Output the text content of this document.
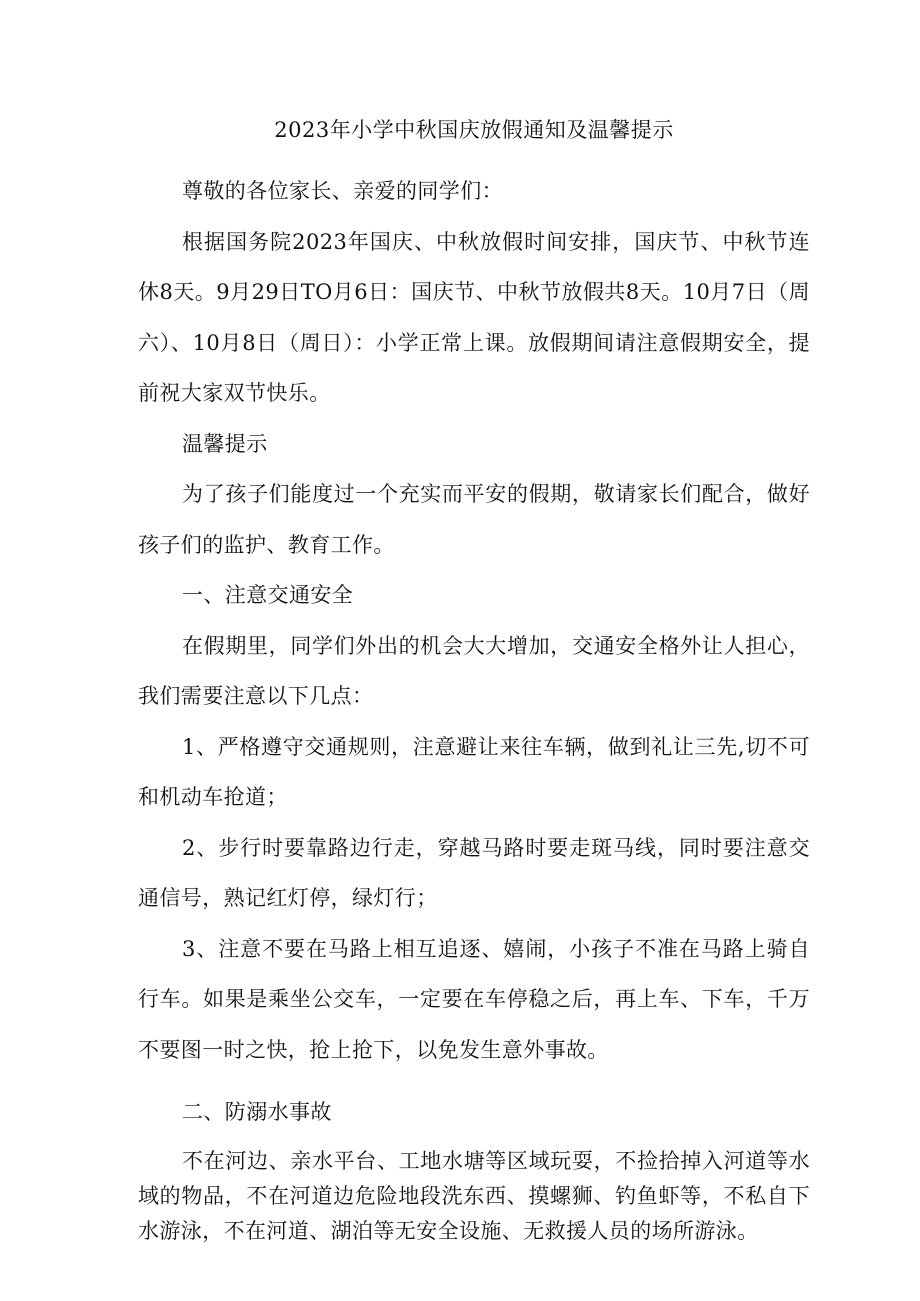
2023年小学中秋国庆放假通知及温馨提示

尊敬的各位家长、亲爱的同学们：

根据国务院2023年国庆、中秋放假时间安排，国庆节、中秋节连休8天。9月29日TO月6日：国庆节、中秋节放假共8天。10月7日（周六）、10月8日（周日）：小学正常上课。放假期间请注意假期安全，提前祝大家双节快乐。

温馨提示

为了孩子们能度过一个充实而平安的假期，敬请家长们配合，做好孩子们的监护、教育工作。

一、注意交通安全

在假期里，同学们外出的机会大大增加，交通安全格外让人担心，我们需要注意以下几点：

1、严格遵守交通规则，注意避让来往车辆，做到礼让三先,切不可和机动车抢道；

2、步行时要靠路边行走，穿越马路时要走斑马线，同时要注意交通信号，熟记红灯停，绿灯行；

3、注意不要在马路上相互追逐、嬉闹，小孩子不准在马路上骑自行车。如果是乘坐公交车，一定要在车停稳之后，再上车、下车，千万不要图一时之快，抢上抢下，以免发生意外事故。

二、防溺水事故

不在河边、亲水平台、工地水塘等区域玩耍，不捡拾掉入河道等水域的物品，不在河道边危险地段洗东西、摸螺狮、钓鱼虾等，不私自下水游泳，不在河道、湖泊等无安全设施、无救援人员的场所游泳。
